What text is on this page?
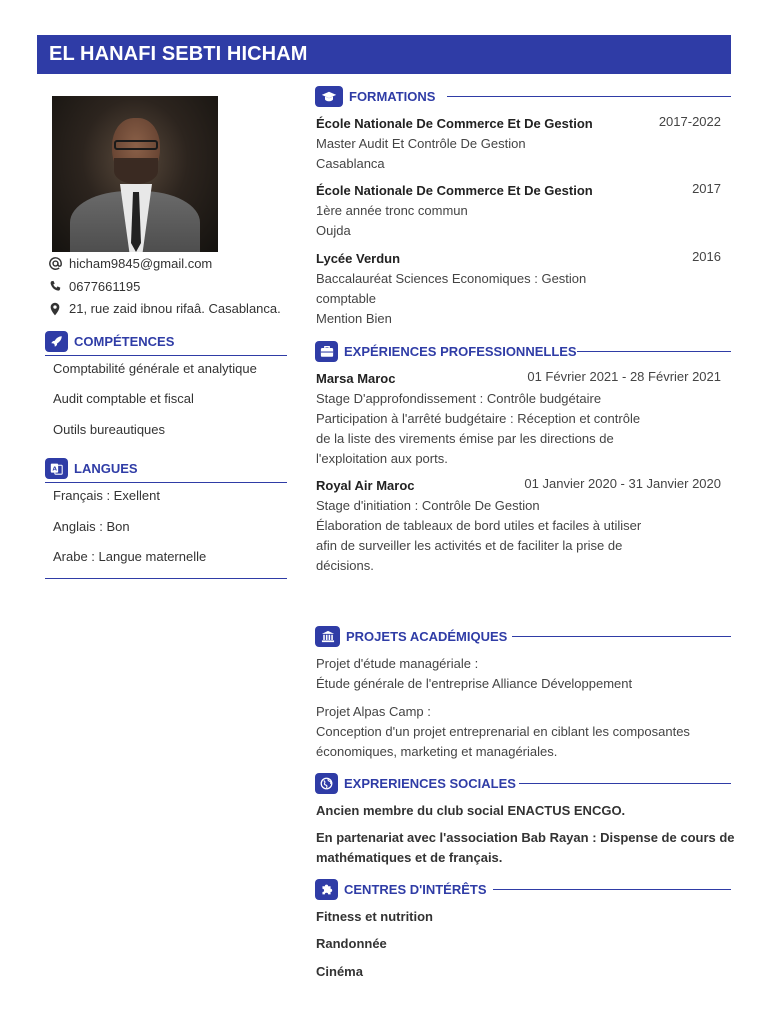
EL HANAFI SEBTI HICHAM
hicham9845@gmail.com
0677661195
21, rue zaid ibnou rifaâ. Casablanca.
COMPÉTENCES
Comptabilité générale et analytique
Audit comptable et fiscal
Outils bureautiques
A LANGUES
Français : Exellent
Anglais : Bon
Arabe : Langue maternelle
FORMATIONS
École Nationale De Commerce Et De Gestion	2017-2022
Master Audit Et Contrôle De Gestion
Casablanca
École Nationale De Commerce Et De Gestion	2017
1ère année tronc commun
Oujda
Lycée Verdun	2016
Baccalauréat Sciences Economiques : Gestion
comptable
Mention Bien
EXPÉRIENCES PROFESSIONNELLES
Marsa Maroc	01 Février 2021 - 28 Février 2021
Stage D'approfondissement : Contrôle budgétaire
Participation à l'arrêté budgétaire : Réception et contrôle
de la liste des virements émise par les directions de
l'exploitation aux ports.
Royal Air Maroc	01 Janvier 2020 - 31 Janvier 2020
Stage d'initiation : Contrôle De Gestion
Élaboration de tableaux de bord utiles et faciles à utiliser
afin de surveiller les activités et de faciliter la prise de
décisions.
PROJETS ACADÉMIQUES
Projet d'étude managériale :
Étude générale de l'entreprise Alliance Développement
Projet Alpas Camp :
Conception d'un projet entreprenarial en ciblant les composantes
économiques, marketing et managériales.
EXPRERIENCES SOCIALES
Ancien membre du club social ENACTUS ENCGO.
En partenariat avec l'association Bab Rayan : Dispense de cours de
mathématiques et de français.
CENTRES D'INTÉRÊTS
Fitness et nutrition
Randonnée
Cinéma
